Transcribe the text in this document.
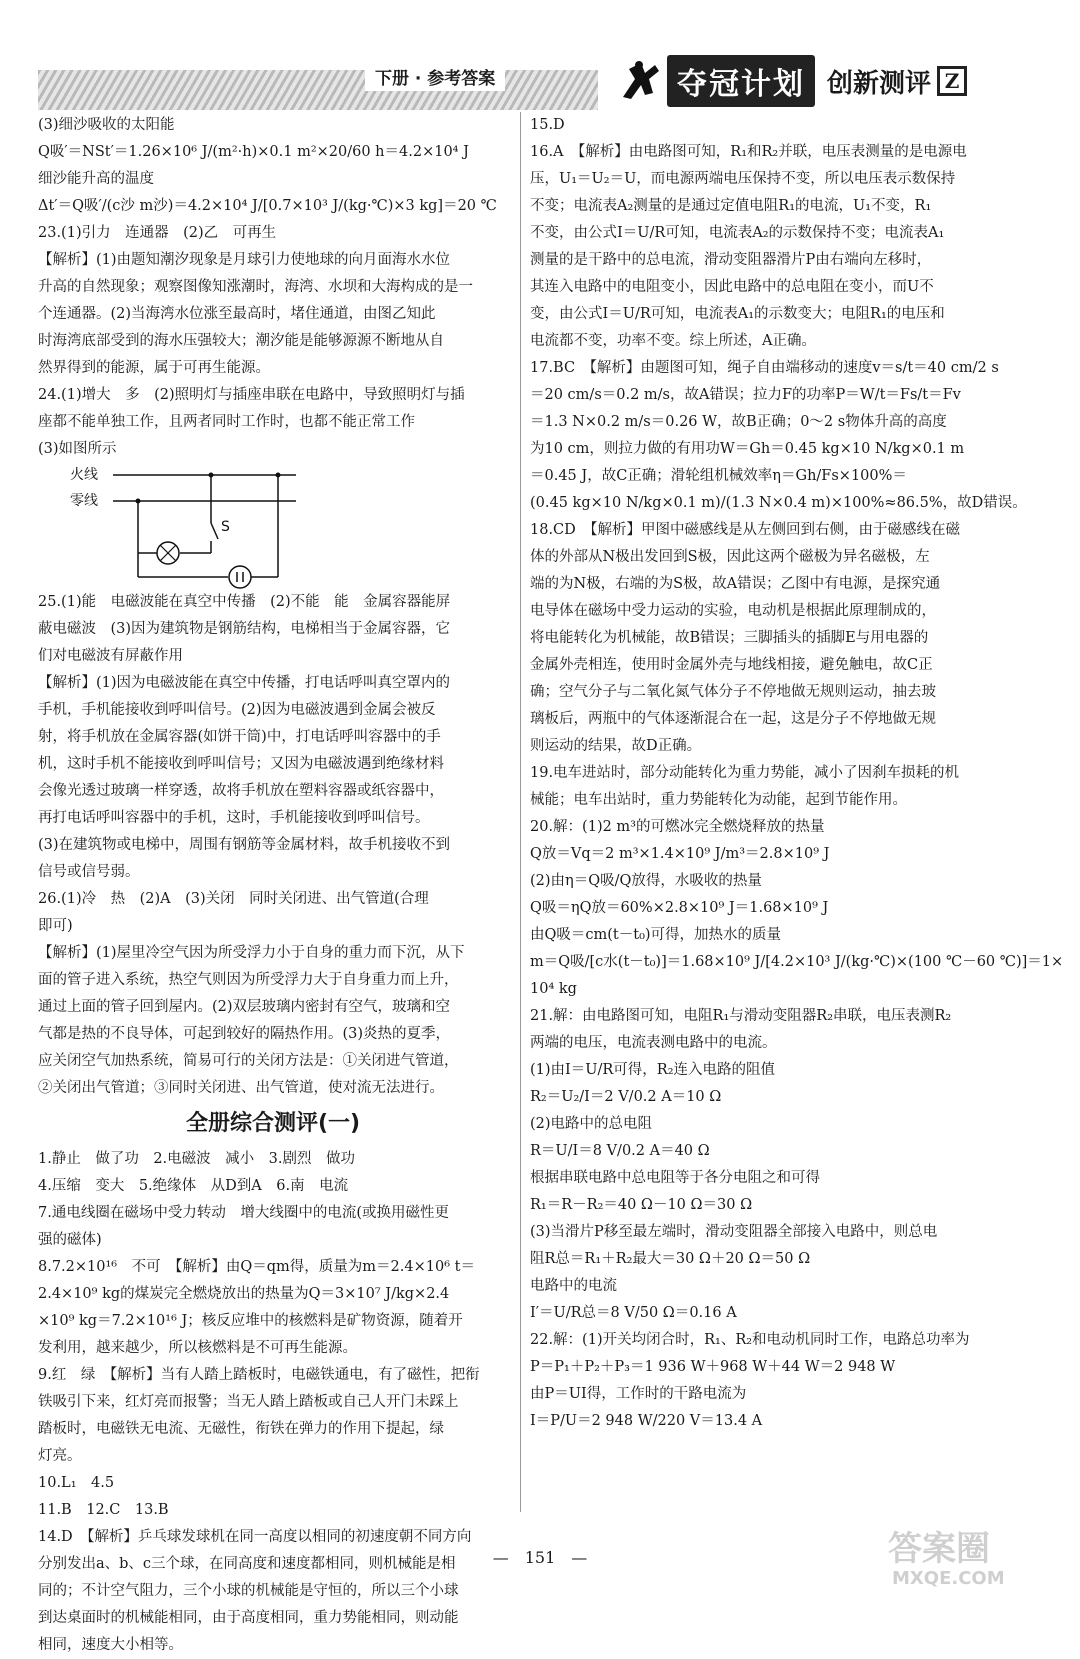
下册 · 参考答案	夺冠计划 创新测评 Z
(3)细沙吸收的太阳能
Q吸′＝NSt′＝1.26×10⁶ J/(m²·h)×0.1 m²×20/60 h＝4.2×10⁴ J
细沙能升高的温度
Δt′＝Q吸′/(c沙 m沙)＝4.2×10⁴ J/[0.7×10³ J/(kg·℃)×3 kg]＝20 ℃
23.(1)引力　连通器　(2)乙　可再生
【解析】(1)由题知潮汐现象是月球引力使地球的向月面海水水位
升高的自然现象；观察图像知涨潮时，海湾、水坝和大海构成的是一
个连通器。(2)当海湾水位涨至最高时，堵住通道，由图乙知此
时海湾底部受到的海水压强较大；潮汐能是能够源源不断地从自
然界得到的能源，属于可再生能源。
24.(1)增大　多　(2)照明灯与插座串联在电路中，导致照明灯与插
座都不能单独工作，且两者同时工作时，也都不能正常工作
(3)如图所示
火线
零线
S
25.(1)能　电磁波能在真空中传播　(2)不能　能　金属容器能屏
蔽电磁波　(3)因为建筑物是钢筋结构，电梯相当于金属容器，它
们对电磁波有屏蔽作用
【解析】(1)因为电磁波能在真空中传播，打电话呼叫真空罩内的
手机，手机能接收到呼叫信号。(2)因为电磁波遇到金属会被反
射，将手机放在金属容器(如饼干筒)中，打电话呼叫容器中的手
机，这时手机不能接收到呼叫信号；又因为电磁波遇到绝缘材料
会像光透过玻璃一样穿透，故将手机放在塑料容器或纸容器中，
再打电话呼叫容器中的手机，这时，手机能接收到呼叫信号。
(3)在建筑物或电梯中，周围有钢筋等金属材料，故手机接收不到
信号或信号弱。
26.(1)冷　热　(2)A　(3)关闭　同时关闭进、出气管道(合理
即可)
【解析】(1)屋里冷空气因为所受浮力小于自身的重力而下沉，从下
面的管子进入系统，热空气则因为所受浮力大于自身重力而上升，
通过上面的管子回到屋内。(2)双层玻璃内密封有空气，玻璃和空
气都是热的不良导体，可起到较好的隔热作用。(3)炎热的夏季，
应关闭空气加热系统，简易可行的关闭方法是：①关闭进气管道，
②关闭出气管道；③同时关闭进、出气管道，使对流无法进行。
全册综合测评(一)
1.静止　做了功　2.电磁波　减小　3.剧烈　做功
4.压缩　变大　5.绝缘体　从D到A　6.南　电流
7.通电线圈在磁场中受力转动　增大线圈中的电流(或换用磁性更
强的磁体)
8.7.2×10¹⁶　不可　【解析】由Q＝qm得，质量为m＝2.4×10⁶ t＝
2.4×10⁹ kg的煤炭完全燃烧放出的热量为Q＝3×10⁷ J/kg×2.4
×10⁹ kg＝7.2×10¹⁶ J；核反应堆中的核燃料是矿物资源，随着开
发利用，越来越少，所以核燃料是不可再生能源。
9.红　绿　【解析】当有人踏上踏板时，电磁铁通电，有了磁性，把衔
铁吸引下来，红灯亮而报警；当无人踏上踏板或自己人开门未踩上
踏板时，电磁铁无电流、无磁性，衔铁在弹力的作用下提起，绿
灯亮。
10.L₁　4.5
11.B　12.C　13.B
14.D　【解析】乒乓球发球机在同一高度以相同的初速度朝不同方向
分别发出a、b、c三个球，在同高度和速度都相同，则机械能是相
同的；不计空气阻力，三个小球的机械能是守恒的，所以三个小球
到达桌面时的机械能相同，由于高度相同，重力势能相同，则动能
相同，速度大小相等。
15.D
16.A　【解析】由电路图可知，R₁和R₂并联，电压表测量的是电源电
压，U₁＝U₂＝U，而电源两端电压保持不变，所以电压表示数保持
不变；电流表A₂测量的是通过定值电阻R₁的电流，U₁不变，R₁
不变，由公式I＝U/R可知，电流表A₂的示数保持不变；电流表A₁
测量的是干路中的总电流，滑动变阻器滑片P由右端向左移时，
其连入电路中的电阻变小，因此电路中的总电阻在变小，而U不
变，由公式I＝U/R可知，电流表A₁的示数变大；电阻R₁的电压和
电流都不变，功率不变。综上所述，A正确。
17.BC　【解析】由题图可知，绳子自由端移动的速度v＝s/t＝40 cm/2 s
＝20 cm/s＝0.2 m/s，故A错误；拉力F的功率P＝W/t＝Fs/t＝Fv
＝1.3 N×0.2 m/s＝0.26 W，故B正确；0～2 s物体升高的高度
为10 cm，则拉力做的有用功W＝Gh＝0.45 kg×10 N/kg×0.1 m
＝0.45 J，故C正确；滑轮组机械效率η＝Gh/Fs×100%＝
(0.45 kg×10 N/kg×0.1 m)/(1.3 N×0.4 m)×100%≈86.5%，故D错误。
18.CD　【解析】甲图中磁感线是从左侧回到右侧，由于磁感线在磁
体的外部从N极出发回到S极，因此这两个磁极为异名磁极，左
端的为N极，右端的为S极，故A错误；乙图中有电源，是探究通
电导体在磁场中受力运动的实验，电动机是根据此原理制成的，
将电能转化为机械能，故B错误；三脚插头的插脚E与用电器的
金属外壳相连，使用时金属外壳与地线相接，避免触电，故C正
确；空气分子与二氧化氮气体分子不停地做无规则运动，抽去玻
璃板后，两瓶中的气体逐渐混合在一起，这是分子不停地做无规
则运动的结果，故D正确。
19.电车进站时，部分动能转化为重力势能，减小了因刹车损耗的机
械能；电车出站时，重力势能转化为动能，起到节能作用。
20.解：(1)2 m³的可燃冰完全燃烧释放的热量
Q放＝Vq＝2 m³×1.4×10⁹ J/m³＝2.8×10⁹ J
(2)由η＝Q吸/Q放得，水吸收的热量
Q吸＝ηQ放＝60%×2.8×10⁹ J＝1.68×10⁹ J
由Q吸＝cm(t－t₀)可得，加热水的质量
m＝Q吸/[c水(t－t₀)]＝1.68×10⁹ J/[4.2×10³ J/(kg·℃)×(100 ℃－60 ℃)]＝1×
10⁴ kg
21.解：由电路图可知，电阻R₁与滑动变阻器R₂串联，电压表测R₂
两端的电压，电流表测电路中的电流。
(1)由I＝U/R可得，R₂连入电路的阻值
R₂＝U₂/I＝2 V/0.2 A＝10 Ω
(2)电路中的总电阻
R＝U/I＝8 V/0.2 A＝40 Ω
根据串联电路中总电阻等于各分电阻之和可得
R₁＝R－R₂＝40 Ω－10 Ω＝30 Ω
(3)当滑片P移至最左端时，滑动变阻器全部接入电路中，则总电
阻R总＝R₁＋R₂最大＝30 Ω＋20 Ω＝50 Ω
电路中的电流
I′＝U/R总＝8 V/50 Ω＝0.16 A
22.解：(1)开关均闭合时，R₁、R₂和电动机同时工作，电路总功率为
P＝P₁＋P₂＋P₃＝1 936 W＋968 W＋44 W＝2 948 W
由P＝UI得，工作时的干路电流为
I＝P/U＝2 948 W/220 V＝13.4 A
—　151　—	答案圈
MXQE.COM
